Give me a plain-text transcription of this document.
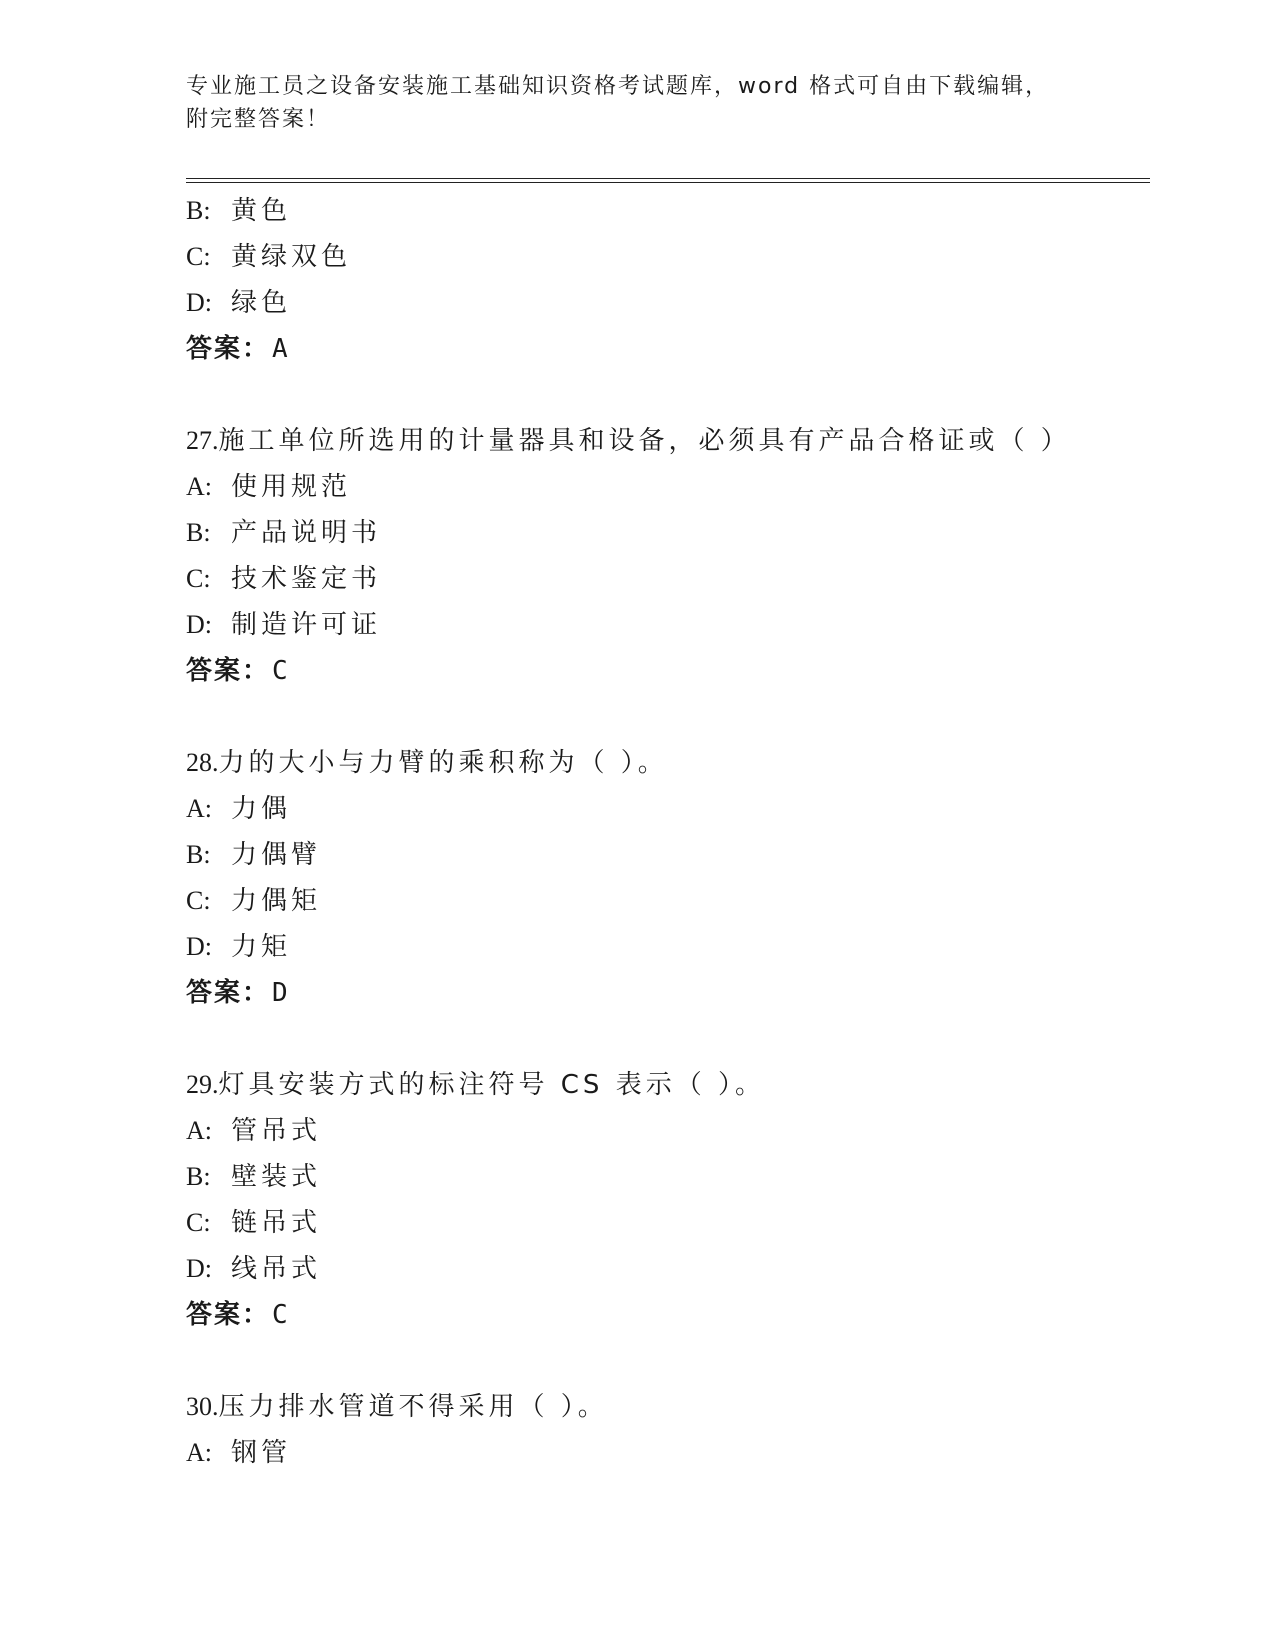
专业施工员之设备安装施工基础知识资格考试题库，word 格式可自由下载编辑，
附完整答案！
B: 黄色
C: 黄绿双色
D: 绿色
答案：A
27.施工单位所选用的计量器具和设备，必须具有产品合格证或（ ）
A: 使用规范
B: 产品说明书
C: 技术鉴定书
D: 制造许可证
答案：C
28.力的大小与力臂的乘积称为（ ）。
A: 力偶
B: 力偶臂
C: 力偶矩
D: 力矩
答案：D
29.灯具安装方式的标注符号 CS 表示（ ）。
A: 管吊式
B: 壁装式
C: 链吊式
D: 线吊式
答案：C
30.压力排水管道不得采用（ ）。
A: 钢管
